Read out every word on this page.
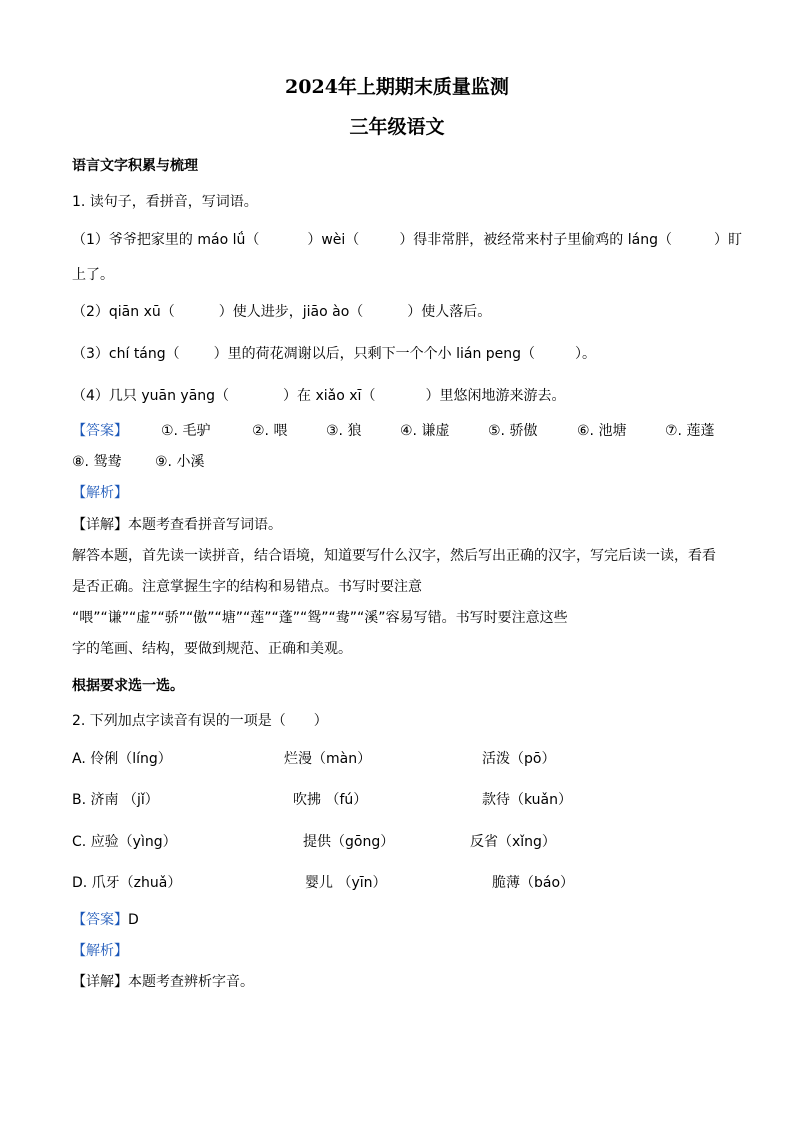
2024年上期期末质量监测
三年级语文
语言文字积累与梳理
1. 读句子，看拼音，写词语。
（1）爷爷把家里的 máo lǘ（	）wèi（	）得非常胖，被经常来村子里偷鸡的 láng（	）盯
上了。
（2）qiān xū（	）使人进步，jiāo ào（	）使人落后。
（3）chí táng（ ）里的荷花凋谢以后，只剩下一个个小 lián peng（	）。
（4）几只 yuān yāng（	）在 xiǎo xī（	）里悠闲地游来游去。
【答案】 ①. 毛驴	②. 喂	③. 狼	④. 谦虚	⑤. 骄傲	⑥. 池塘	⑦. 莲蓬
⑧. 鸳鸯 ⑨. 小溪
【解析】
【详解】本题考查看拼音写词语。
解答本题，首先读一读拼音，结合语境，知道要写什么汉字，然后写出正确的汉字，写完后读一读，看看
是否正确。注意掌握生字的结构和易错点。书写时要注意
“喂”“谦”“虚”“骄”“傲”“塘”“莲”“蓬”“鸳”“鸯”“溪”容易写错。书写时要注意这些
字的笔画、结构，要做到规范、正确和美观。
根据要求选一选。
2. 下列加点字读音有误的一项是（　　）
A. 伶俐（líng）	烂漫（màn）	活泼（pō）
B. 济南 （jǐ）	吹拂 （fú）	款待（kuǎn）
C. 应验（yìng）	提供（gōng）	反省（xǐng）
D. 爪牙（zhuǎ）	婴儿 （yīn）	脆薄（báo）
【答案】D
【解析】
【详解】本题考查辨析字音。
